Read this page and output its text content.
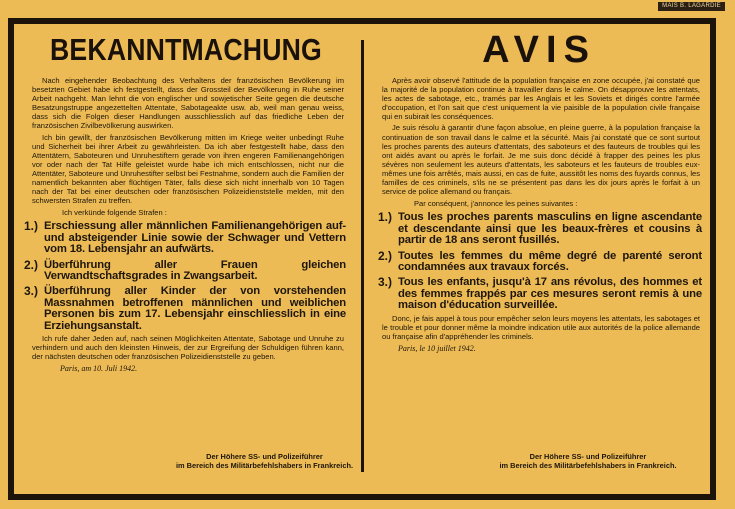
MAIS B. LAGARDIE
BEKANNTMACHUNG
Nach eingehender Beobachtung des Verhaltens der französischen Bevölkerung im besetzten Gebiet habe ich festgestellt, dass der Grossteil der Bevölkerung in Ruhe seiner Arbeit nachgeht. Man lehnt die von englischer und sowjetischer Seite gegen die deutsche Besatzungstruppe angezettelten Attentate, Sabotageakte usw. ab, weil man genau weiss, dass sich die Folgen dieser Handlungen ausschliesslich auf das friedliche Leben der französischen Zivilbevölkerung auswirken.
Ich bin gewillt, der französischen Bevölkerung mitten im Kriege weiter unbedingt Ruhe und Sicherheit bei ihrer Arbeit zu gewährleisten. Da ich aber festgestellt habe, dass den Attentätern, Saboteuren und Unruhestiftern gerade von ihren engeren Familienangehörigen vor oder nach der Tat Hilfe geleistet wurde habe ich mich entschlossen, nicht nur die Attentäter, Saboteure und Unruhestifter selbst bei Festnahme, sondern auch die Familien der namentlich bekannten aber flüchtigen Täter, falls diese sich nicht innerhalb von 10 Tagen nach der Tat bei einer deutschen oder französischen Polizeidienststelle melden, mit den schwersten Strafen zu treffen.
Ich verkünde folgende Strafen :
1.) Erschiessung aller männlichen Familienangehörigen auf- und absteigender Linie sowie der Schwager und Vettern vom 18. Lebensjahr an aufwärts.
2.) Überführung aller Frauen gleichen Verwandtschaftsgrades in Zwangsarbeit.
3.) Überführung aller Kinder der von vorstehenden Massnahmen betroffenen männlichen und weiblichen Personen bis zum 17. Lebensjahr einschliesslich in eine Erziehungsanstalt.
Ich rufe daher Jeden auf, nach seinen Möglichkeiten Attentate, Sabotage und Unruhe zu verhindern und auch den kleinsten Hinweis, der zur Ergreifung der Schuldigen führen kann, der nächsten deutschen oder französischen Polizeidienststelle zu geben.
Paris, am 10. Juli 1942.
Der Höhere SS- und Polizeiführer
im Bereich des Militärbefehlshabers in Frankreich.
AVIS
Après avoir observé l'attitude de la population française en zone occupée, j'ai constaté que la majorité de la population continue à travailler dans le calme. On désapprouve les attentats, les actes de sabotage, etc., tramés par les Anglais et les Soviets et dirigés contre l'armée d'occupation, et l'on sait que c'est uniquement la vie paisible de la population civile française qui en subirait les conséquences.
Je suis résolu à garantir d'une façon absolue, en pleine guerre, à la population française la continuation de son travail dans le calme et la sécurité. Mais j'ai constaté que ce sont surtout les proches parents des auteurs d'attentats, des saboteurs et des fauteurs de troubles qui les ont aidés avant ou après le forfait. Je me suis donc décidé à frapper des peines les plus sévères non seulement les auteurs d'attentats, les saboteurs et les fauteurs de troubles eux-mêmes une fois arrêtés, mais aussi, en cas de fuite, aussitôt les noms des fuyards connus, les familles de ces criminels, s'ils ne se présentent pas dans les dix jours après le forfait à un service de police allemand ou français.
Par conséquent, j'annonce les peines suivantes :
1.) Tous les proches parents masculins en ligne ascendante et descendante ainsi que les beaux-frères et cousins à partir de 18 ans seront fusillés.
2.) Toutes les femmes du même degré de parenté seront condamnées aux travaux forcés.
3.) Tous les enfants, jusqu'à 17 ans révolus, des hommes et des femmes frappés par ces mesures seront remis à une maison d'éducation surveillée.
Donc, je fais appel à tous pour empêcher selon leurs moyens les attentats, les sabotages et le trouble et pour donner même la moindre indication utile aux autorités de la police allemande ou française afin d'appréhender les criminels.
Paris, le 10 juillet 1942.
Der Höhere SS- und Polizeiführer
im Bereich des Militärbefehlshabers in Frankreich.
